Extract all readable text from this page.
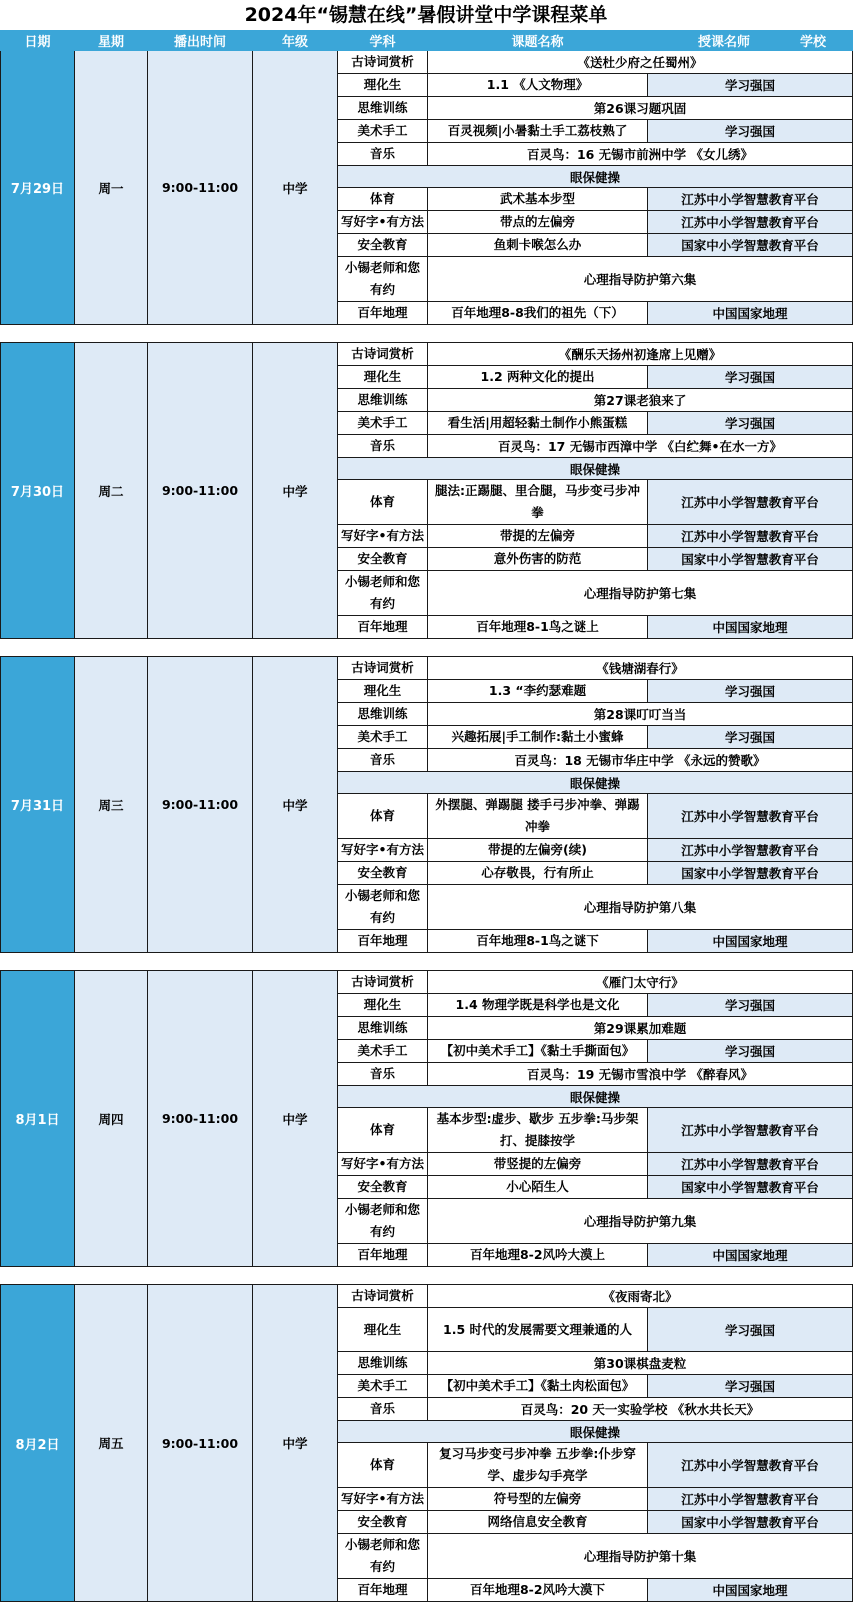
2024年“锡慧在线”暑假讲堂中学课程菜单
日期	星期	播出时间	年级	学科	课题名称	授课名师 学校
7月29日	周一	9:00-11:00	中学	古诗词赏析	《送杜少府之任蜀州》	
				理化生	1.1 《人文物理》	学习强国
				思维训练	第26课习题巩固	
				美术手工	百灵视频|小暑黏土手工荔枝熟了	学习强国
				音乐	百灵鸟：16 无锡市前洲中学 《女儿绣》	
				眼保健操		
				体育	武术基本步型	江苏中小学智慧教育平台
				写好字•有方法	带点的左偏旁	江苏中小学智慧教育平台
				安全教育	鱼刺卡喉怎么办	国家中小学智慧教育平台
				小锡老师和您有约	心理指导防护第六集	
				百年地理	百年地理8-8我们的祖先（下）	中国国家地理

7月30日	周二	9:00-11:00	中学	古诗词赏析	《酬乐天扬州初逢席上见赠》	
				理化生	1.2 两种文化的提出	学习强国
				思维训练	第27课老狼来了	
				美术手工	看生活|用超轻黏土制作小熊蛋糕	学习强国
				音乐	百灵鸟：17 无锡市西漳中学 《白纻舞•在水一方》	
				眼保健操		
				体育	腿法:正踢腿、里合腿，马步变弓步冲拳	江苏中小学智慧教育平台
				写好字•有方法	带提的左偏旁	江苏中小学智慧教育平台
				安全教育	意外伤害的防范	国家中小学智慧教育平台
				小锡老师和您有约	心理指导防护第七集	
				百年地理	百年地理8-1鸟之谜上	中国国家地理

7月31日	周三	9:00-11:00	中学	古诗词赏析	《钱塘湖春行》	
				理化生	1.3 “李约瑟难题	学习强国
				思维训练	第28课叮叮当当	
				美术手工	兴趣拓展|手工制作:黏土小蜜蜂	学习强国
				音乐	百灵鸟：18 无锡市华庄中学 《永远的赞歌》	
				眼保健操		
				体育	外摆腿、弹踢腿 搂手弓步冲拳、弹踢冲拳	江苏中小学智慧教育平台
				写好字•有方法	带提的左偏旁(续)	江苏中小学智慧教育平台
				安全教育	心存敬畏，行有所止	国家中小学智慧教育平台
				小锡老师和您有约	心理指导防护第八集	
				百年地理	百年地理8-1鸟之谜下	中国国家地理

8月1日	周四	9:00-11:00	中学	古诗词赏析	《雁门太守行》	
				理化生	1.4 物理学既是科学也是文化	学习强国
				思维训练	第29课累加难题	
				美术手工	【初中美术手工】《黏土手撕面包》	学习强国
				音乐	百灵鸟：19 无锡市雪浪中学 《醉春风》	
				眼保健操		
				体育	基本步型:虚步、歇步 五步拳:马步架打、提膝按学	江苏中小学智慧教育平台
				写好字•有方法	带竖提的左偏旁	江苏中小学智慧教育平台
				安全教育	小心陌生人	国家中小学智慧教育平台
				小锡老师和您有约	心理指导防护第九集	
				百年地理	百年地理8-2风吟大漠上	中国国家地理

8月2日	周五	9:00-11:00	中学	古诗词赏析	《夜雨寄北》	
				理化生	1.5 时代的发展需要文理兼通的人	学习强国
				思维训练	第30课棋盘麦粒	
				美术手工	【初中美术手工】《黏土肉松面包》	学习强国
				音乐	百灵鸟：20 天一实验学校 《秋水共长天》	
				眼保健操		
				体育	复习马步变弓步冲拳 五步拳:仆步穿学、虚步勾手亮学	江苏中小学智慧教育平台
				写好字•有方法	符号型的左偏旁	江苏中小学智慧教育平台
				安全教育	网络信息安全教育	国家中小学智慧教育平台
				小锡老师和您有约	心理指导防护第十集	
				百年地理	百年地理8-2风吟大漠下	中国国家地理
